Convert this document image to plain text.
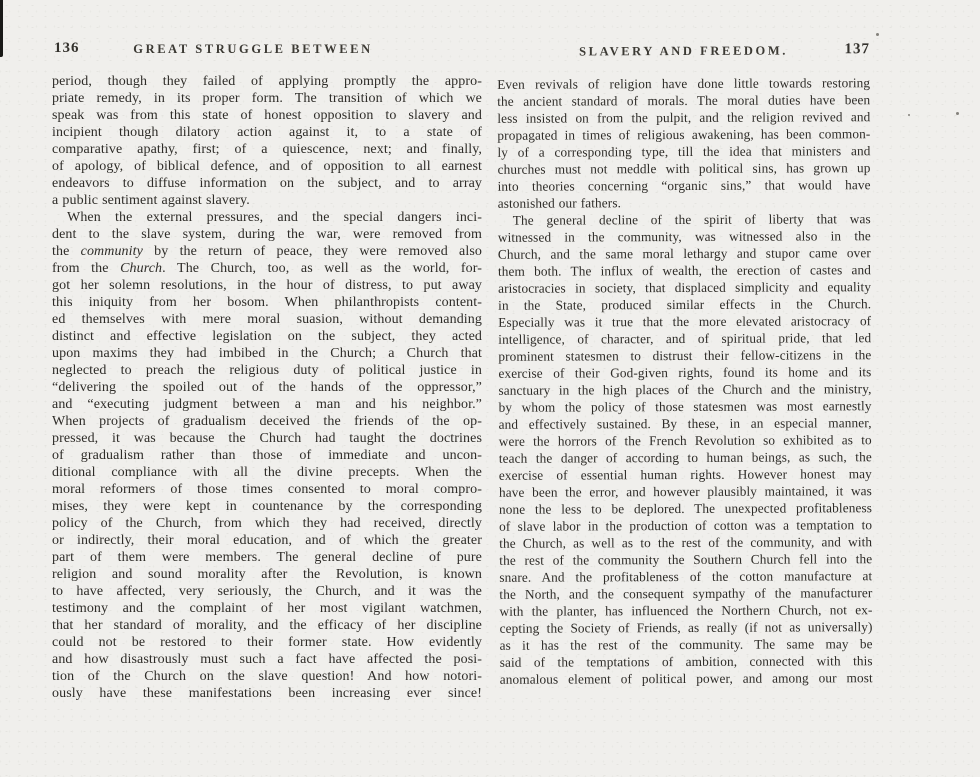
136	GREAT STRUGGLE BETWEEN
period, though they failed of applying promptly the appro-
priate remedy, in its proper form. The transition of which we
speak was from this state of honest opposition to slavery and
incipient though dilatory action against it, to a state of
comparative apathy, first; of a quiescence, next; and finally,
of apology, of biblical defence, and of opposition to all earnest
endeavors to diffuse information on the subject, and to array
a public sentiment against slavery.
When the external pressures, and the special dangers inci-
dent to the slave system, during the war, were removed from
the community by the return of peace, they were removed also
from the Church. The Church, too, as well as the world, for-
got her solemn resolutions, in the hour of distress, to put away
this iniquity from her bosom. When philanthropists content-
ed themselves with mere moral suasion, without demanding
distinct and effective legislation on the subject, they acted
upon maxims they had imbibed in the Church; a Church that
neglected to preach the religious duty of political justice in
“delivering the spoiled out of the hands of the oppressor,”
and “executing judgment between a man and his neighbor.”
When projects of gradualism deceived the friends of the op-
pressed, it was because the Church had taught the doctrines
of gradualism rather than those of immediate and uncon-
ditional compliance with all the divine precepts. When the
moral reformers of those times consented to moral compro-
mises, they were kept in countenance by the corresponding
policy of the Church, from which they had received, directly
or indirectly, their moral education, and of which the greater
part of them were members. The general decline of pure
religion and sound morality after the Revolution, is known
to have affected, very seriously, the Church, and it was the
testimony and the complaint of her most vigilant watchmen,
that her standard of morality, and the efficacy of her discipline
could not be restored to their former state. How evidently
and how disastrously must such a fact have affected the posi-
tion of the Church on the slave question! And how notori-
ously have these manifestations been increasing ever since!
SLAVERY AND FREEDOM.	137
Even revivals of religion have done little towards restoring
the ancient standard of morals. The moral duties have been
less insisted on from the pulpit, and the religion revived and
propagated in times of religious awakening, has been common-
ly of a corresponding type, till the idea that ministers and
churches must not meddle with political sins, has grown up
into theories concerning “organic sins,” that would have
astonished our fathers.
The general decline of the spirit of liberty that was
witnessed in the community, was witnessed also in the
Church, and the same moral lethargy and stupor came over
them both. The influx of wealth, the erection of castes and
aristocracies in society, that displaced simplicity and equality
in the State, produced similar effects in the Church.
Especially was it true that the more elevated aristocracy of
intelligence, of character, and of spiritual pride, that led
prominent statesmen to distrust their fellow-citizens in the
exercise of their God-given rights, found its home and its
sanctuary in the high places of the Church and the ministry,
by whom the policy of those statesmen was most earnestly
and effectively sustained. By these, in an especial manner,
were the horrors of the French Revolution so exhibited as to
teach the danger of according to human beings, as such, the
exercise of essential human rights. However honest may
have been the error, and however plausibly maintained, it was
none the less to be deplored. The unexpected profitableness
of slave labor in the production of cotton was a temptation to
the Church, as well as to the rest of the community, and with
the rest of the community the Southern Church fell into the
snare. And the profitableness of the cotton manufacture at
the North, and the consequent sympathy of the manufacturer
with the planter, has influenced the Northern Church, not ex-
cepting the Society of Friends, as really (if not as universally)
as it has the rest of the community. The same may be
said of the temptations of ambition, connected with this
anomalous element of political power, and among our most
